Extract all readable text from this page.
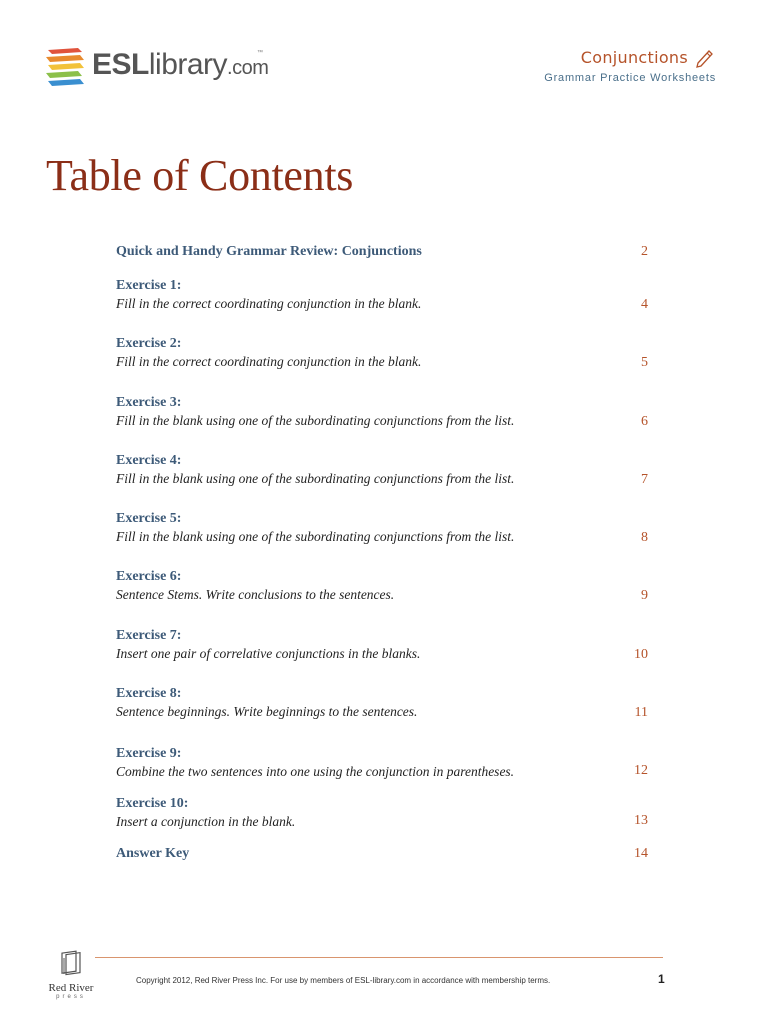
ESLlibrary.com
™	Conjunctions
Grammar Practice Worksheets
Table of Contents
Quick and Handy Grammar Review: Conjunctions	2
Exercise 1:
Fill in the correct coordinating conjunction in the blank.	4
Exercise 2:
Fill in the correct coordinating conjunction in the blank.	5
Exercise 3:
Fill in the blank using one of the subordinating conjunctions from the list.	6
Exercise 4:
Fill in the blank using one of the subordinating conjunctions from the list.	7
Exercise 5:
Fill in the blank using one of the subordinating conjunctions from the list.	8
Exercise 6:
Sentence Stems. Write conclusions to the sentences.	9
Exercise 7:
Insert one pair of correlative conjunctions in the blanks.	10
Exercise 8:
Sentence beginnings. Write beginnings to the sentences.	11
Exercise 9:
Combine the two sentences into one using the conjunction in parentheses.	12
Exercise 10:
Insert a conjunction in the blank.	13
Answer Key	14
Red River
press
Copyright 2012, Red River Press Inc. For use by members of ESL-library.com in accordance with membership terms.	1
